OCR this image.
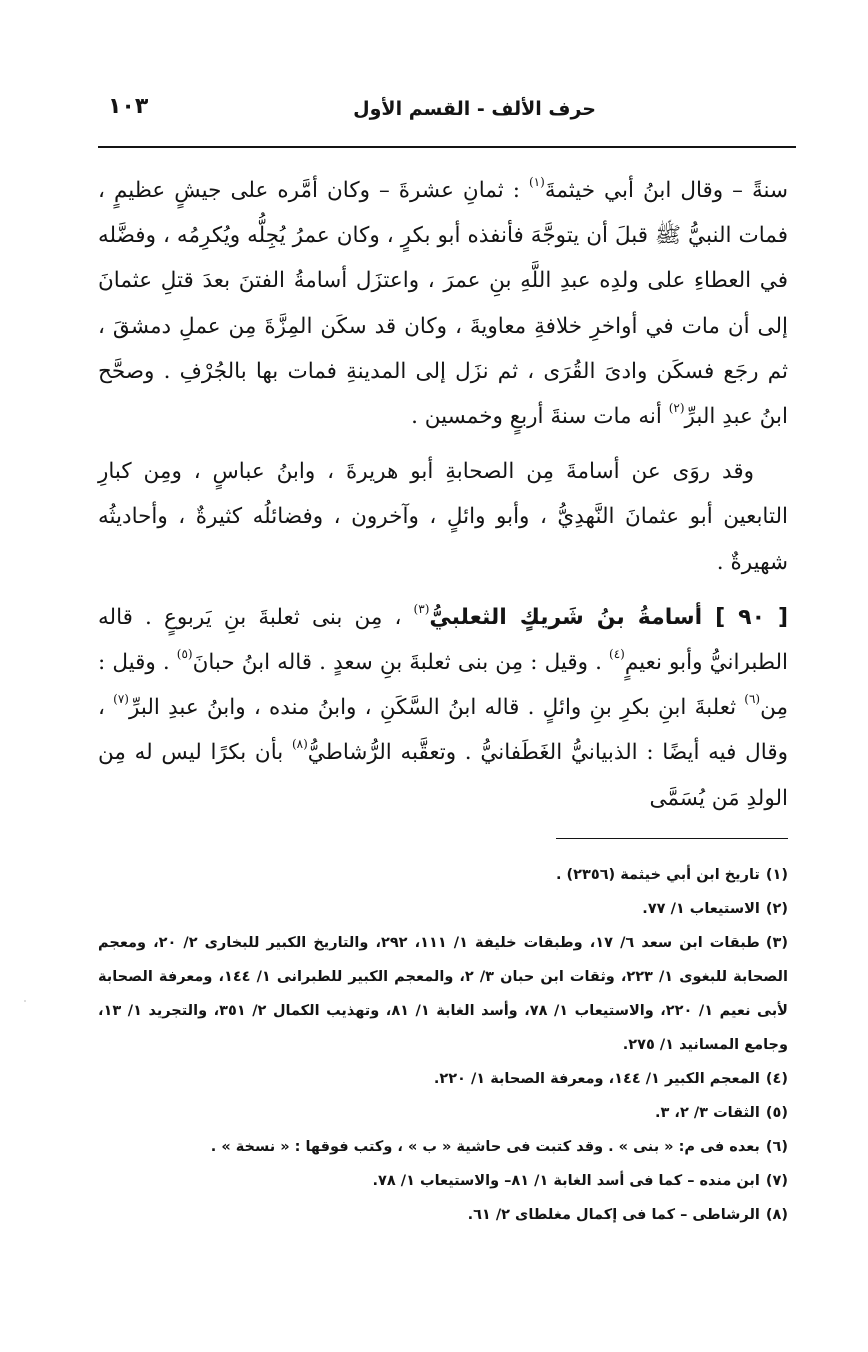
حرف الألف - القسم الأول
١٠٣

سنةً – وقال ابنُ أبي خيثمةَ$^{(١)}$ : ثمانِ عشرةَ – وكان أمَّره على جيشٍ عظيمٍ ، فمات النبيُّ ﷺ قبلَ أن يتوجَّهَ فأنفذه أبو بكرٍ ، وكان عمرُ يُجِلُّه ويُكرِمُه ، وفضَّله في العطاءِ على ولدِه عبدِ اللَّهِ بنِ عمرَ ، واعتزَل أسامةُ الفتنَ بعدَ قتلِ عثمانَ إلى أن مات في أواخرِ خلافةِ معاويةَ ، وكان قد سكَن المِزَّةَ مِن عملِ دمشقَ ، ثم رجَع فسكَن وادىَ القُرَى ، ثم نزَل إلى المدينةِ فمات بها بالجُرْفِ . وصحَّح ابنُ عبدِ البرِّ$^{(٢)}$ أنه مات سنةَ أربعٍ وخمسين .

وقد روَى عن أسامةَ مِن الصحابةِ أبو هريرةَ ، وابنُ عباسٍ ، ومِن كبارِ التابعين أبو عثمانَ النَّهدِيُّ ، وأبو وائلٍ ، وآخرون ، وفضائلُه كثيرةٌ ، وأحاديثُه شهيرةٌ .

[ ٩٠ ] أسامةُ بنُ شَريكٍ الثعلبيُّ$^{(٣)}$ ، مِن بنى ثعلبةَ بنِ يَربوعٍ . قاله الطبرانيُّ وأبو نعيمٍ$^{(٤)}$ . وقيل : مِن بنى ثعلبةَ بنِ سعدٍ . قاله ابنُ حبانَ$^{(٥)}$ . وقيل : مِن$^{(٦)}$ ثعلبةَ ابنِ بكرِ بنِ وائلٍ . قاله ابنُ السَّكَنِ ، وابنُ منده ، وابنُ عبدِ البرِّ$^{(٧)}$ ، وقال فيه أيضًا : الذبيانيُّ الغَطَفانيُّ . وتعقَّبه الرُّشاطيُّ$^{(٨)}$ بأن بكرًا ليس له مِن الولدِ مَن يُسَمَّى

(١)تاريخ ابن أبي خيثمة (٢٣٥٦) .

(٢)الاستيعاب ١/ ٧٧.

(٣)طبقات ابن سعد ٦/ ١٧، وطبقات خليفة ١/ ١١١، ٢٩٢، والتاريخ الكبير للبخارى ٢/ ٢٠، ومعجم الصحابة للبغوى ١/ ٢٢٣، وثقات ابن حبان ٣/ ٢، والمعجم الكبير للطبرانى ١/ ١٤٤، ومعرفة الصحابة لأبى نعيم ١/ ٢٢٠، والاستيعاب ١/ ٧٨، وأسد الغابة ١/ ٨١، وتهذيب الكمال ٢/ ٣٥١، والتجريد ١/ ١٣، وجامع المسانيد ١/ ٢٧٥.

(٤)المعجم الكبير ١/ ١٤٤، ومعرفة الصحابة ١/ ٢٢٠.

(٥)الثقات ٣/ ٢، ٣.

(٦)بعده فى م: « بنى » . وقد كتبت فى حاشية « ب » ، وكتب فوقها : « نسخة » .

(٧)ابن منده – كما فى أسد الغابة ١/ ٨١– والاستيعاب ١/ ٧٨.

(٨)الرشاطى – كما فى إكمال مغلطاى ٢/ ٦١.
